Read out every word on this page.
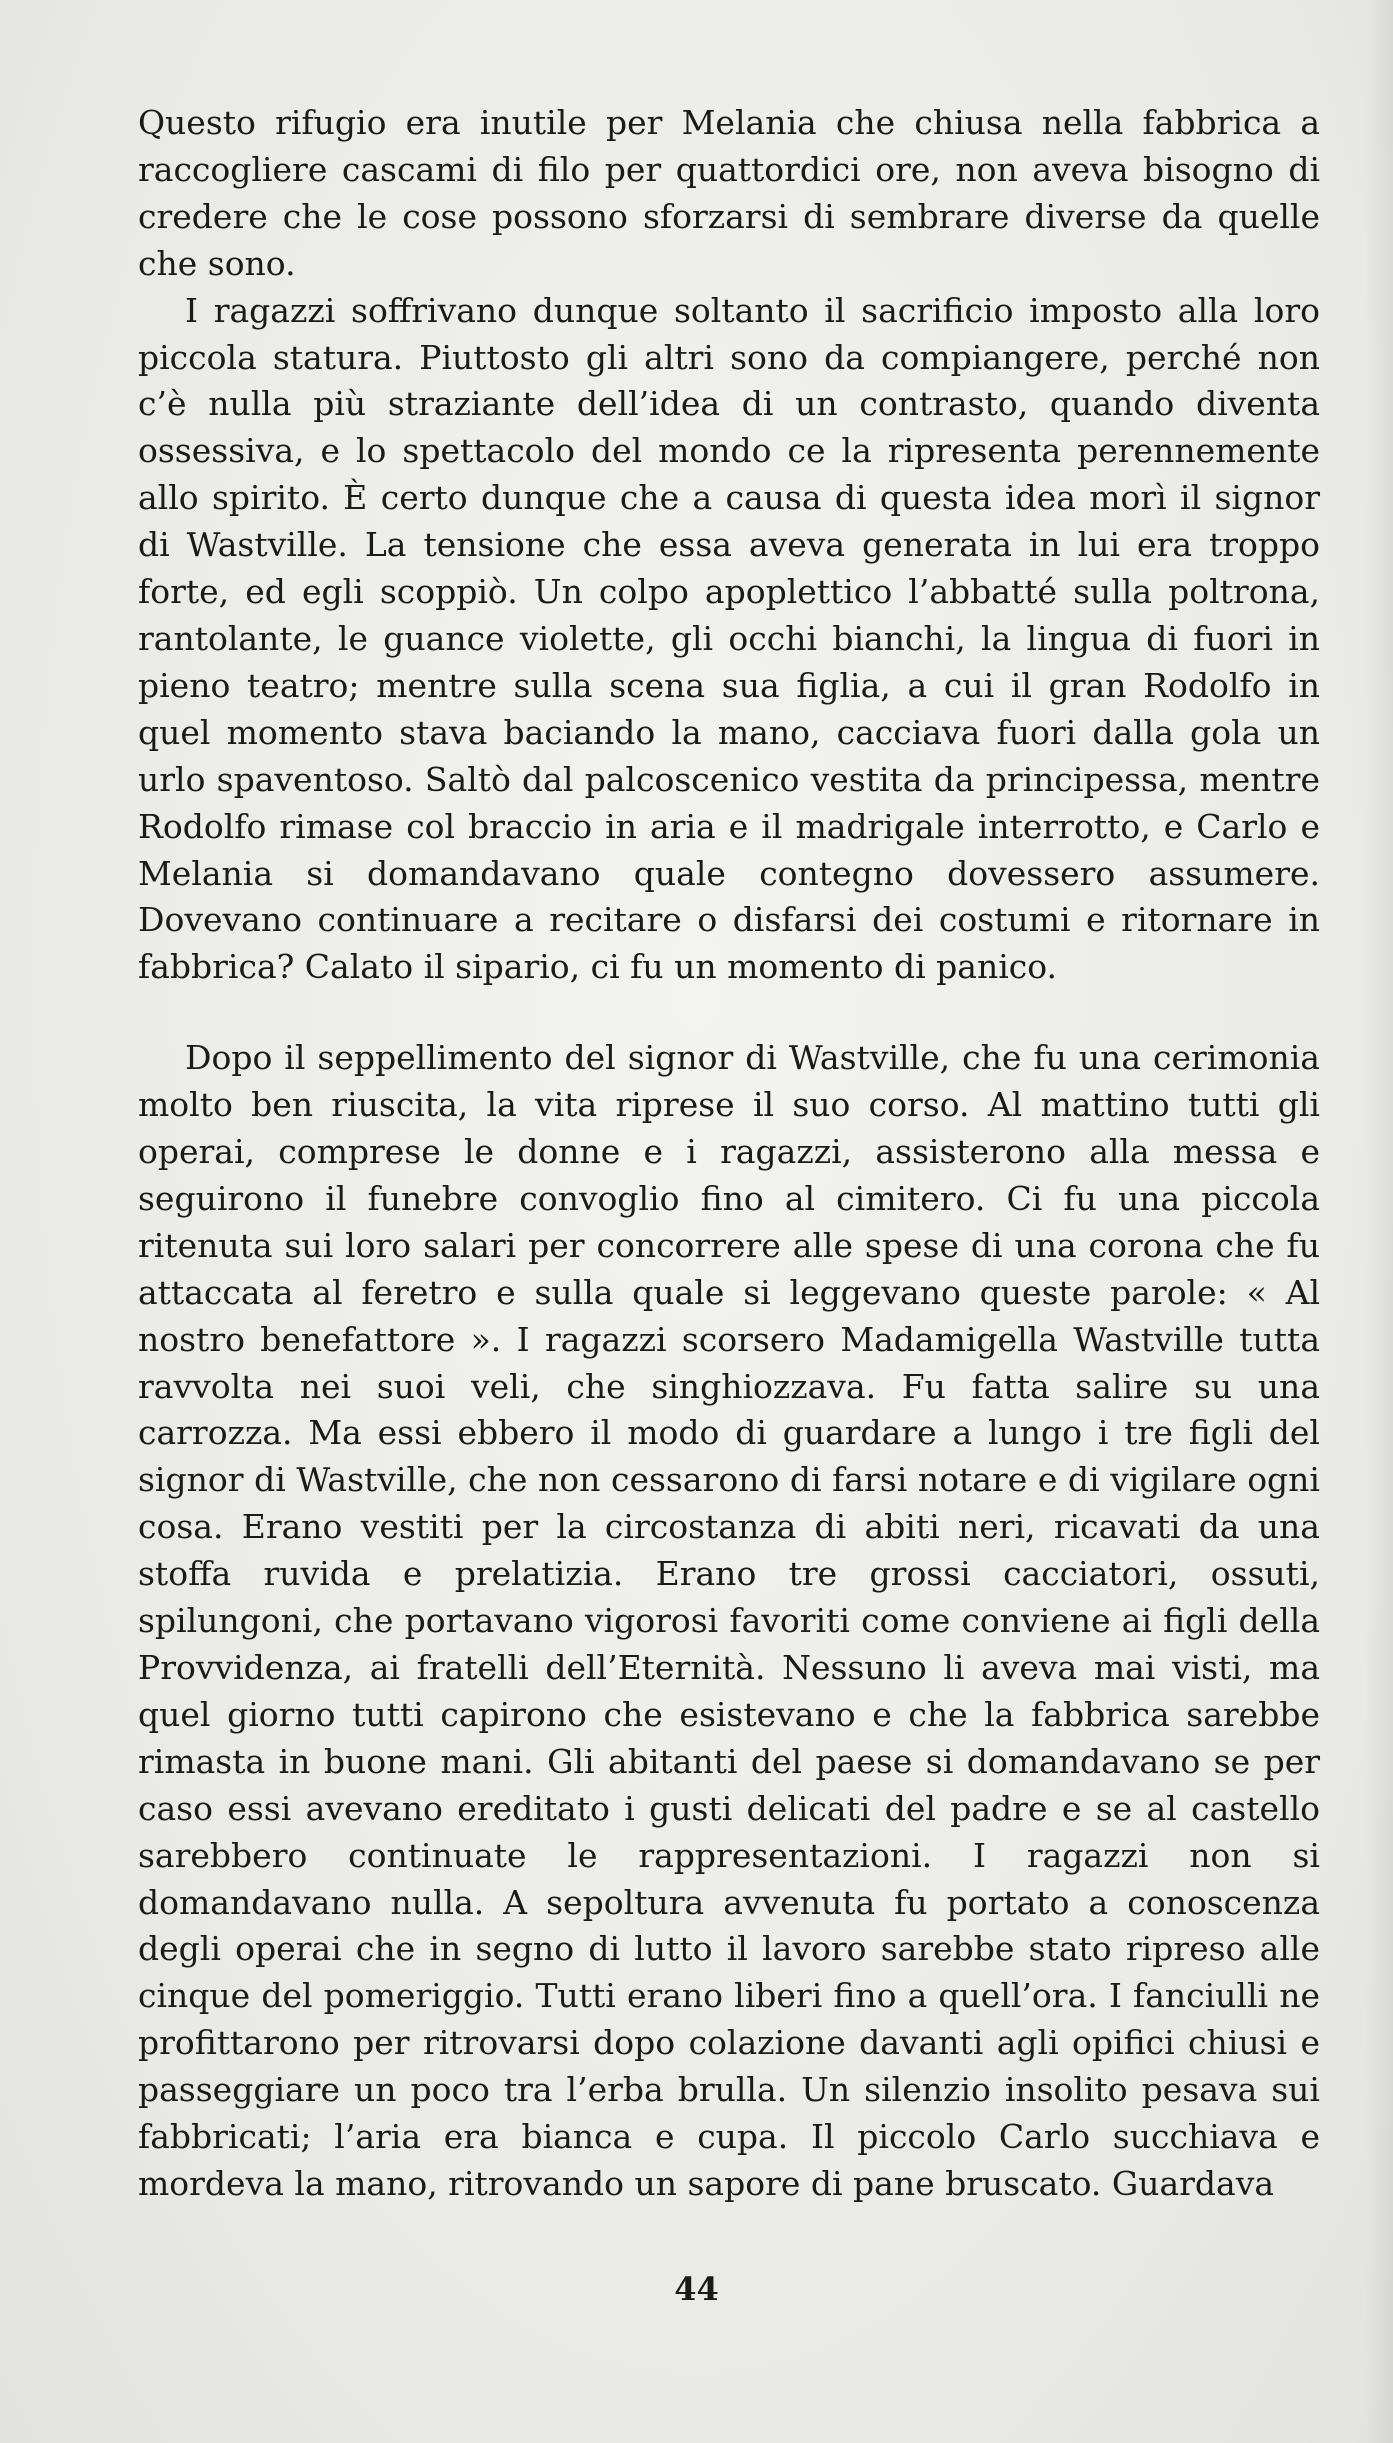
Questo rifugio era inutile per Melania che chiusa nella fabbrica a raccogliere cascami di filo per quattordici ore, non aveva bisogno di credere che le cose possono sforzarsi di sembrare diverse da quelle che sono.

I ragazzi soffrivano dunque soltanto il sacrificio imposto alla loro piccola statura. Piuttosto gli altri sono da compiangere, perché non c’è nulla più straziante dell’idea di un contrasto, quando diventa ossessiva, e lo spettacolo del mondo ce la ripresenta perennemente allo spirito. È certo dunque che a causa di questa idea morì il signor di Wastville. La tensione che essa aveva generata in lui era troppo forte, ed egli scoppiò. Un colpo apoplettico l’abbatté sulla poltrona, rantolante, le guance violette, gli occhi bianchi, la lingua di fuori in pieno teatro; mentre sulla scena sua figlia, a cui il gran Rodolfo in quel momento stava baciando la mano, cacciava fuori dalla gola un urlo spaventoso. Saltò dal palcoscenico vestita da principessa, mentre Rodolfo rimase col braccio in aria e il madrigale interrotto, e Carlo e Melania si domandavano quale contegno dovessero assumere. Dovevano continuare a recitare o disfarsi dei costumi e ritornare in fabbrica? Calato il sipario, ci fu un momento di panico.

Dopo il seppellimento del signor di Wastville, che fu una cerimonia molto ben riuscita, la vita riprese il suo corso. Al mattino tutti gli operai, comprese le donne e i ragazzi, assisterono alla messa e seguirono il funebre convoglio fino al cimitero. Ci fu una piccola ritenuta sui loro salari per concorrere alle spese di una corona che fu attaccata al feretro e sulla quale si leggevano queste parole: « Al nostro benefattore ». I ragazzi scorsero Madamigella Wastville tutta ravvolta nei suoi veli, che singhiozzava. Fu fatta salire su una carrozza. Ma essi ebbero il modo di guardare a lungo i tre figli del signor di Wastville, che non cessarono di farsi notare e di vigilare ogni cosa. Erano vestiti per la circostanza di abiti neri, ricavati da una stoffa ruvida e prelatizia. Erano tre grossi cacciatori, ossuti, spilungoni, che portavano vigorosi favoriti come conviene ai figli della Provvidenza, ai fratelli dell’Eternità. Nessuno li aveva mai visti, ma quel giorno tutti capirono che esistevano e che la fabbrica sarebbe rimasta in buone mani. Gli abitanti del paese si domandavano se per caso essi avevano ereditato i gusti delicati del padre e se al castello sarebbero continuate le rappresentazioni. I ragazzi non si domandavano nulla. A sepoltura avvenuta fu portato a conoscenza degli operai che in segno di lutto il lavoro sarebbe stato ripreso alle cinque del pomeriggio. Tutti erano liberi fino a quell’ora. I fanciulli ne profittarono per ritrovarsi dopo colazione davanti agli opifici chiusi e passeggiare un poco tra l’erba brulla. Un silenzio insolito pesava sui fabbricati; l’aria era bianca e cupa. Il piccolo Carlo succhiava e mordeva la mano, ritrovando un sapore di pane bruscato. Guardava

44
